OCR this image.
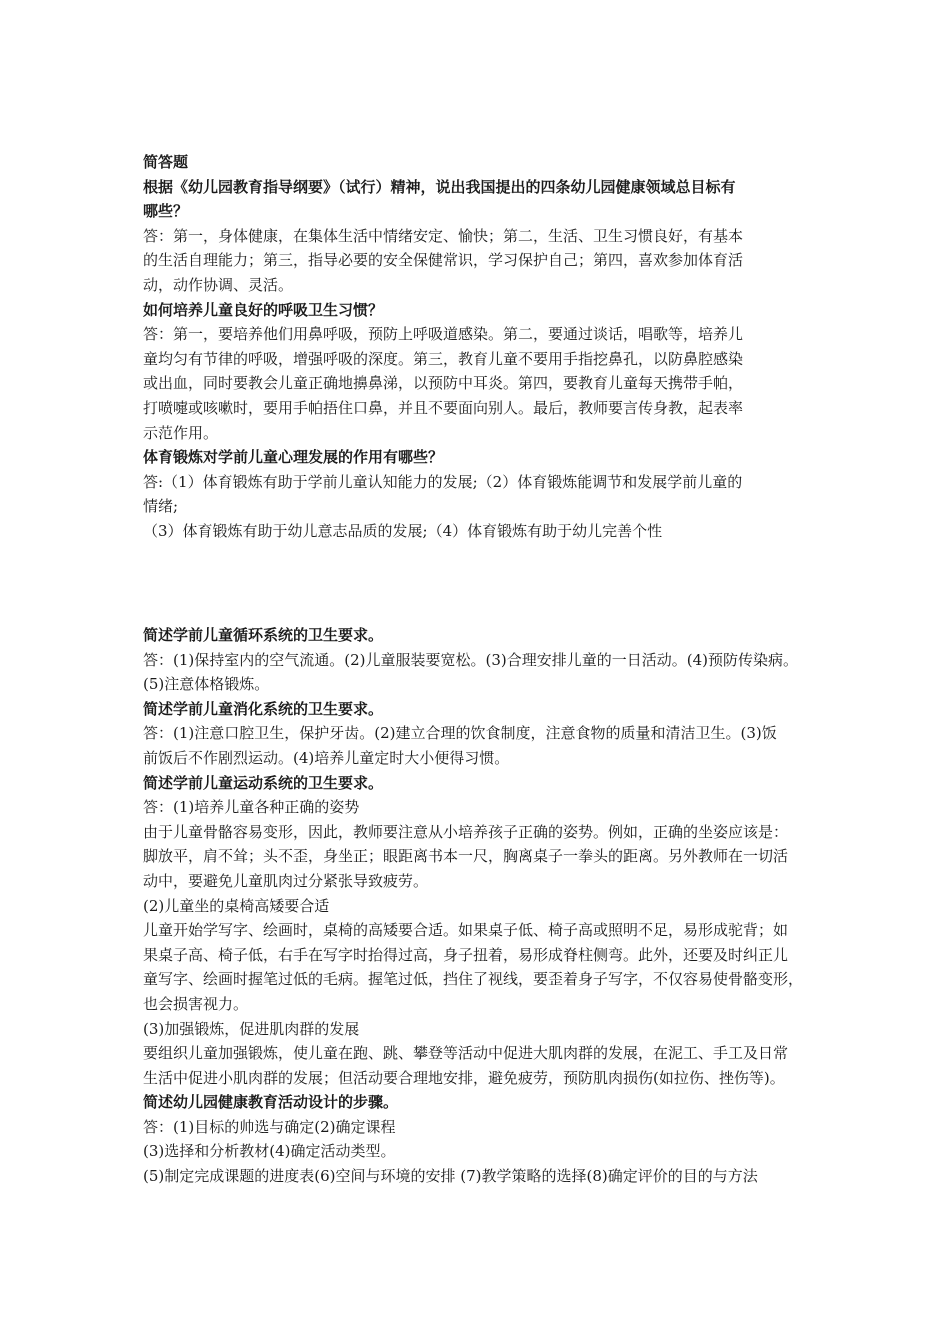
简答题
根据《幼儿园教育指导纲要》（试行）精神，说出我国提出的四条幼儿园健康领域总目标有
哪些？
答：第一，身体健康，在集体生活中情绪安定、愉快；第二，生活、卫生习惯良好，有基本
的生活自理能力；第三，指导必要的安全保健常识，学习保护自己；第四，喜欢参加体育活
动，动作协调、灵活。
如何培养儿童良好的呼吸卫生习惯？
答：第一，要培养他们用鼻呼吸，预防上呼吸道感染。第二，要通过谈话，唱歌等，培养儿
童均匀有节律的呼吸，增强呼吸的深度。第三，教育儿童不要用手指挖鼻孔，以防鼻腔感染
或出血，同时要教会儿童正确地擤鼻涕，以预防中耳炎。第四，要教育儿童每天携带手帕，
打喷嚏或咳嗽时，要用手帕捂住口鼻，并且不要面向别人。最后，教师要言传身教，起表率
示范作用。
体育锻炼对学前儿童心理发展的作用有哪些？
答:（1）体育锻炼有助于学前儿童认知能力的发展;（2）体育锻炼能调节和发展学前儿童的
情绪;
（3）体育锻炼有助于幼儿意志品质的发展;（4）体育锻炼有助于幼儿完善个性
简述学前儿童循环系统的卫生要求。
答：(1)保持室内的空气流通。(2)儿童服装要宽松。(3)合理安排儿童的一日活动。(4)预防传染病。
(5)注意体格锻炼。
简述学前儿童消化系统的卫生要求。
答：(1)注意口腔卫生，保护牙齿。(2)建立合理的饮食制度，注意食物的质量和清洁卫生。(3)饭
前饭后不作剧烈运动。(4)培养儿童定时大小便得习惯。
简述学前儿童运动系统的卫生要求。
答：(1)培养儿童各种正确的姿势
由于儿童骨骼容易变形，因此，教师要注意从小培养孩子正确的姿势。例如，正确的坐姿应该是：
脚放平，肩不耸；头不歪，身坐正；眼距离书本一尺，胸离桌子一拳头的距离。另外教师在一切活
动中，要避免儿童肌肉过分紧张导致疲劳。
(2)儿童坐的桌椅高矮要合适
儿童开始学写字、绘画时，桌椅的高矮要合适。如果桌子低、椅子高或照明不足，易形成驼背；如
果桌子高、椅子低，右手在写字时抬得过高，身子扭着，易形成脊柱侧弯。此外，还要及时纠正儿
童写字、绘画时握笔过低的毛病。握笔过低，挡住了视线，要歪着身子写字，不仅容易使骨骼变形，
也会损害视力。
(3)加强锻炼，促进肌肉群的发展
要组织儿童加强锻炼，使儿童在跑、跳、攀登等活动中促进大肌肉群的发展，在泥工、手工及日常
生活中促进小肌肉群的发展；但活动要合理地安排，避免疲劳，预防肌肉损伤(如拉伤、挫伤等)。
简述幼儿园健康教育活动设计的步骤。
答：(1)目标的帅选与确定(2)确定课程
(3)选择和分析教材(4)确定活动类型。
(5)制定完成课题的进度表(6)空间与环境的安排 (7)教学策略的选择(8)确定评价的目的与方法
